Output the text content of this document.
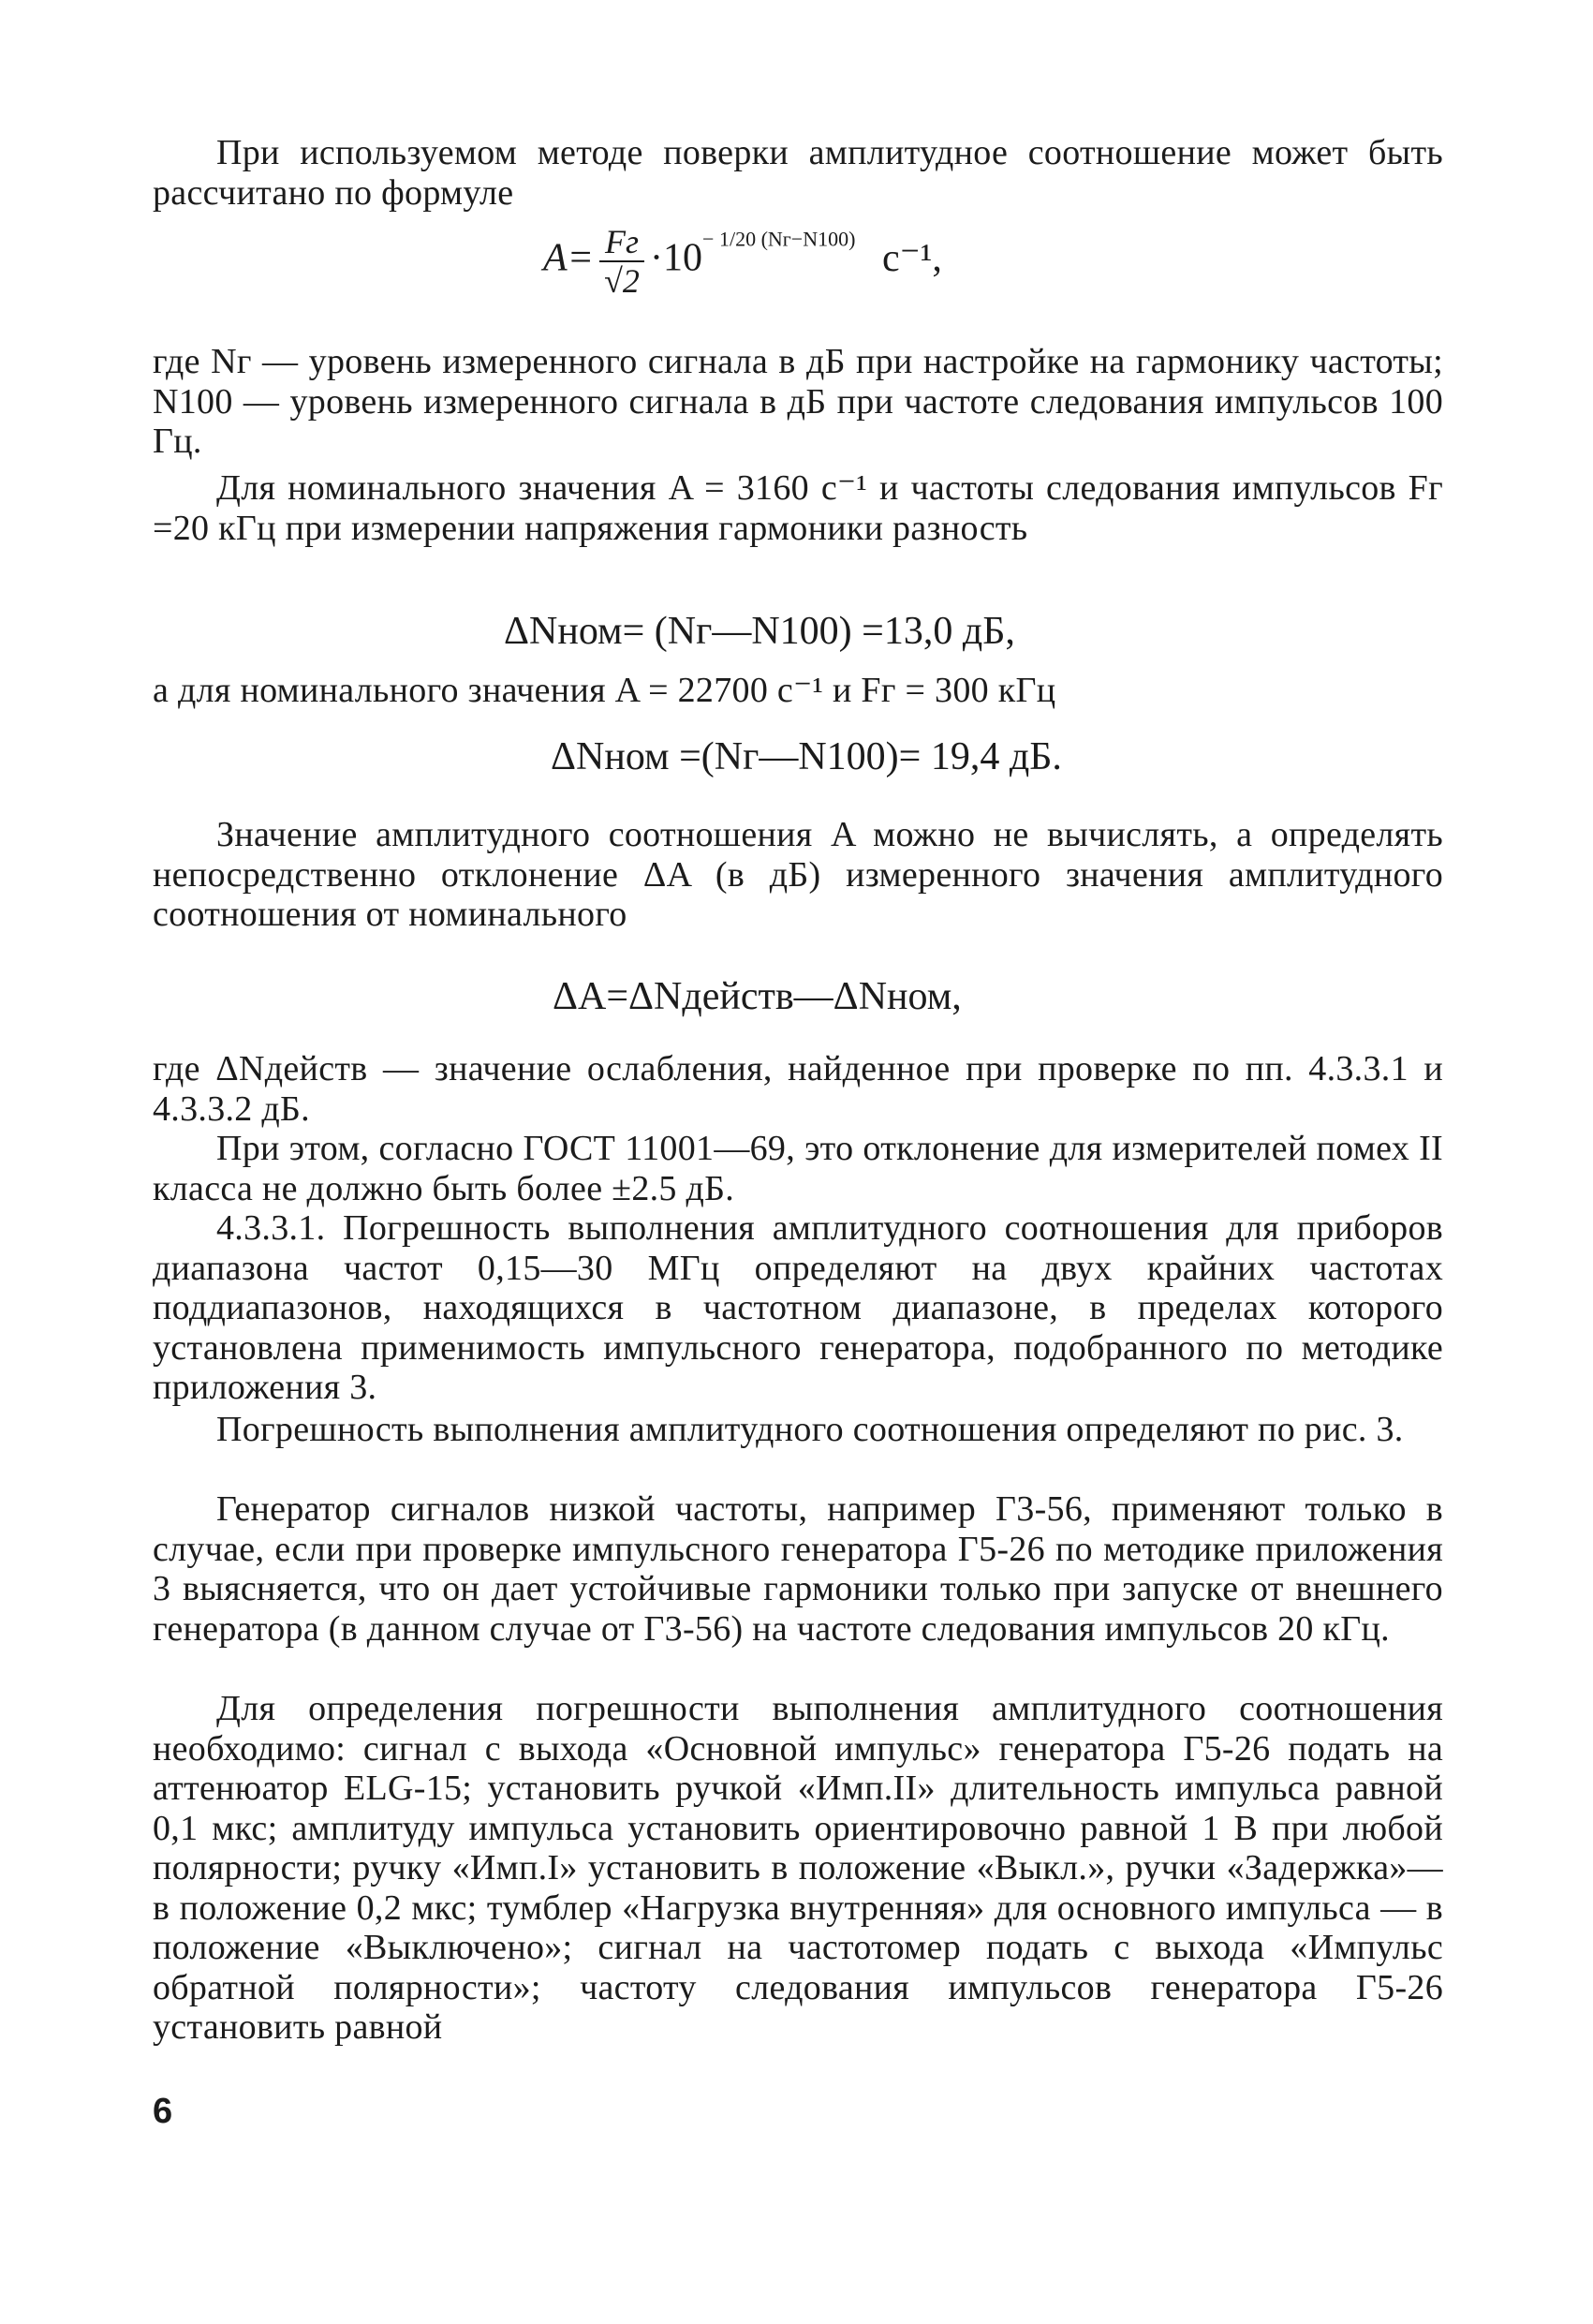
При используемом методе поверки амплитудное соотношение может быть рассчитано по формуле

$A= \frac{Fг}{√2} \cdot 10^{- 1/20 (Nг-N100)}$ с⁻¹,

где Nг — уровень измеренного сигнала в дБ при настройке на гармонику частоты; N100 — уровень измеренного сигнала в дБ при частоте следования импульсов 100 Гц.

Для номинального значения A = 3160 с⁻¹ и частоты следования импульсов Fг =20 кГц при измерении напряжения гармоники разность

ΔNном= (Nг—N100) =13,0 дБ,

а для номинального значения A = 22700 с⁻¹ и Fг = 300 кГц

ΔNном =(Nг—N100)= 19,4 дБ.

Значение амплитудного соотношения A можно не вычислять, а определять непосредственно отклонение ΔA (в дБ) измеренного значения амплитудного соотношения от номинального

ΔA=ΔNдейств—ΔNном,

где ΔNдейств — значение ослабления, найденное при проверке по пп. 4.3.3.1 и 4.3.3.2 дБ.

При этом, согласно ГОСТ 11001—69, это отклонение для измерителей помех II класса не должно быть более ±2.5 дБ.

4.3.3.1. Погрешность выполнения амплитудного соотношения для приборов диапазона частот 0,15—30 МГц определяют на двух крайних частотах поддиапазонов, находящихся в частотном диапазоне, в пределах которого установлена применимость импульсного генератора, подобранного по методике приложения 3.

Погрешность выполнения амплитудного соотношения определяют по рис. 3.

Генератор сигналов низкой частоты, например Г3-56, применяют только в случае, если при проверке импульсного генератора Г5-26 по методике приложения 3 выясняется, что он дает устойчивые гармоники только при запуске от внешнего генератора (в данном случае от Г3-56) на частоте следования импульсов 20 кГц.

Для определения погрешности выполнения амплитудного соотношения необходимо: сигнал с выхода «Основной импульс» генератора Г5-26 подать на аттенюатор ELG-15; установить ручкой «Имп.II» длительность импульса равной 0,1 мкс; амплитуду импульса установить ориентировочно равной 1 В при любой полярности; ручку «Имп.I» установить в положение «Выкл.», ручки «Задержка»— в положение 0,2 мкс; тумблер «Нагрузка внутренняя» для основного импульса — в положение «Выключено»; сигнал на частотомер подать с выхода «Импульс обратной полярности»; частоту следования импульсов генератора Г5-26 установить равной

6
